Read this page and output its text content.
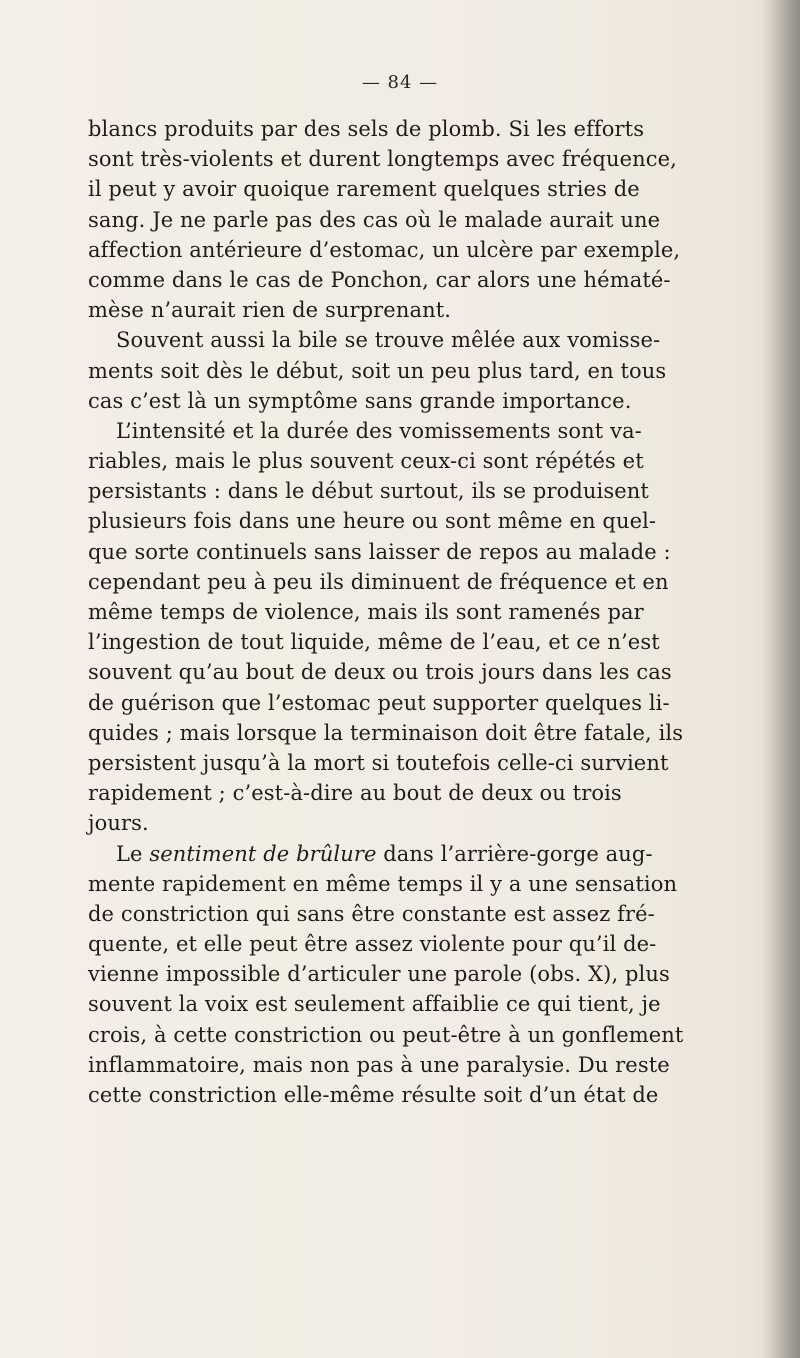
— 84 —
blancs produits par des sels de plomb. Si les efforts
sont très-violents et durent longtemps avec fréquence,
il peut y avoir quoique rarement quelques stries de
sang. Je ne parle pas des cas où le malade aurait une
affection antérieure d’estomac, un ulcère par exemple,
comme dans le cas de Ponchon, car alors une hématé-
mèse n’aurait rien de surprenant.
Souvent aussi la bile se trouve mêlée aux vomisse-
ments soit dès le début, soit un peu plus tard, en tous
cas c’est là un symptôme sans grande importance.
L’intensité et la durée des vomissements sont va-
riables, mais le plus souvent ceux-ci sont répétés et
persistants : dans le début surtout, ils se produisent
plusieurs fois dans une heure ou sont même en quel-
que sorte continuels sans laisser de repos au malade :
cependant peu à peu ils diminuent de fréquence et en
même temps de violence, mais ils sont ramenés par
l’ingestion de tout liquide, même de l’eau, et ce n’est
souvent qu’au bout de deux ou trois jours dans les cas
de guérison que l’estomac peut supporter quelques li-
quides ; mais lorsque la terminaison doit être fatale, ils
persistent jusqu’à la mort si toutefois celle-ci survient
rapidement ; c’est-à-dire au bout de deux ou trois
jours.
Le sentiment de brûlure dans l’arrière-gorge aug-
mente rapidement en même temps il y a une sensation
de constriction qui sans être constante est assez fré-
quente, et elle peut être assez violente pour qu’il de-
vienne impossible d’articuler une parole (obs. X), plus
souvent la voix est seulement affaiblie ce qui tient, je
crois, à cette constriction ou peut-être à un gonflement
inflammatoire, mais non pas à une paralysie. Du reste
cette constriction elle-même résulte soit d’un état de
